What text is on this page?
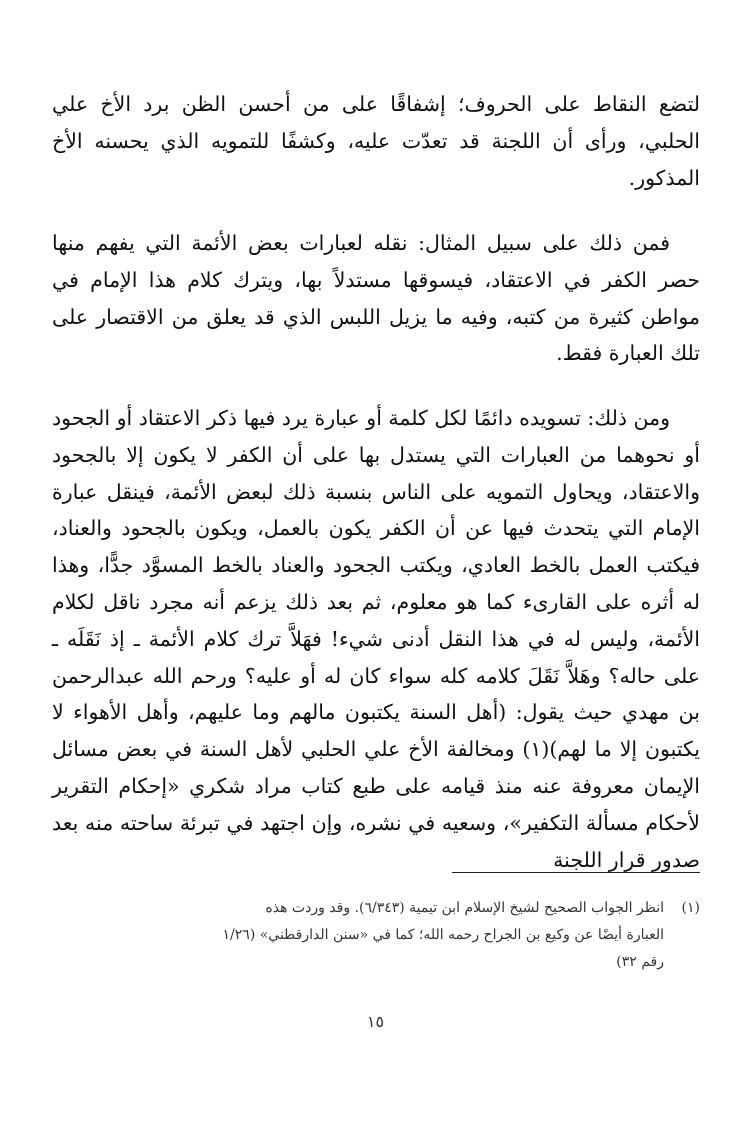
لتضع النقاط على الحروف؛ إشفاقًا على من أحسن الظن برد الأخ علي الحلبي، ورأى أن اللجنة قد تعدّت عليه، وكشفًا للتمويه الذي يحسنه الأخ المذكور.

فمن ذلك على سبيل المثال: نقله لعبارات بعض الأئمة التي يفهم منها حصر الكفر في الاعتقاد، فيسوقها مستدلاً بها، ويترك كلام هذا الإمام في مواطن كثيرة من كتبه، وفيه ما يزيل اللبس الذي قد يعلق من الاقتصار على تلك العبارة فقط.

ومن ذلك: تسويده دائمًا لكل كلمة أو عبارة يرد فيها ذكر الاعتقاد أو الجحود أو نحوهما من العبارات التي يستدل بها على أن الكفر لا يكون إلا بالجحود والاعتقاد، ويحاول التمويه على الناس بنسبة ذلك لبعض الأئمة، فينقل عبارة الإمام التي يتحدث فيها عن أن الكفر يكون بالعمل، ويكون بالجحود والعناد، فيكتب العمل بالخط العادي، ويكتب الجحود والعناد بالخط المسوَّد جدًّا، وهذا له أثره على القارىء كما هو معلوم، ثم بعد ذلك يزعم أنه مجرد ناقل لكلام الأئمة، وليس له في هذا النقل أدنى شيء! فهَلاَّ ترك كلام الأئمة ـ إذ نَقَلَه ـ على حاله؟ وهَلاَّ نَقَلَ كلامه كله سواء كان له أو عليه؟ ورحم الله عبدالرحمن بن مهدي حيث يقول: (أهل السنة يكتبون مالهم وما عليهم، وأهل الأهواء لا يكتبون إلا ما لهم)(١) ومخالفة الأخ علي الحلبي لأهل السنة في بعض مسائل الإيمان معروفة عنه منذ قيامه على طبع كتاب مراد شكري «إحكام التقرير لأحكام مسألة التكفير»، وسعيه في نشره، وإن اجتهد في تبرئة ساحته منه بعد صدور قرار اللجنة

(١)انظر الجواب الصحيح لشيخ الإسلام ابن تيمية (٦/٣٤٣). وقد وردت هذه
العبارة أيضًا عن وكيع بن الجراح رحمه الله؛ كما في «سنن الدارقطني» (١/٢٦
رقم ٣٢)
١٥
